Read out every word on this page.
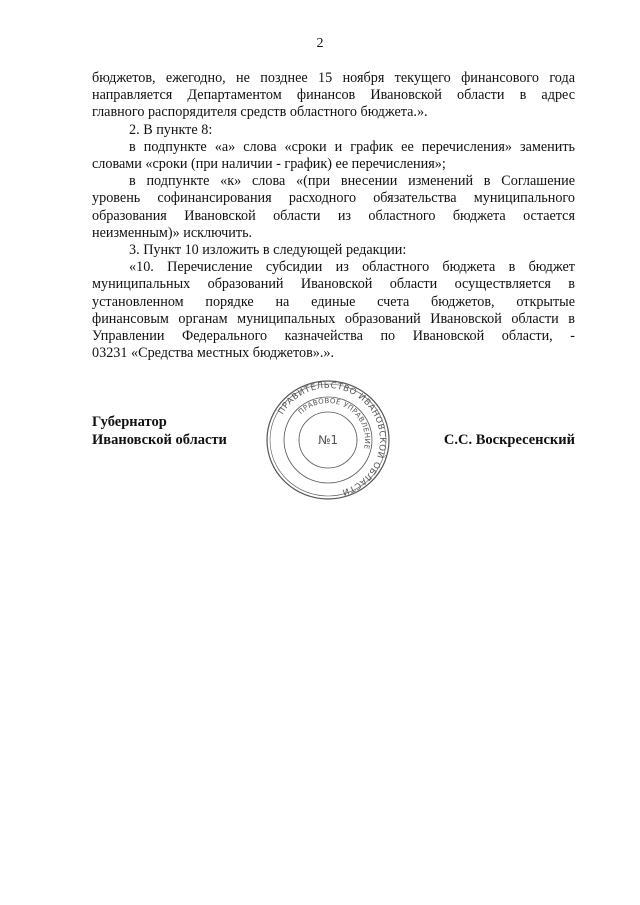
2
бюджетов, ежегодно, не позднее 15 ноября текущего финансового года
направляется Департаментом финансов Ивановской области в адрес
главного распорядителя средств областного бюджета.».
2. В пункте 8:
в подпункте «а» слова «сроки и график ее перечисления» заменить
словами «сроки (при наличии - график) ее перечисления»;
в подпункте «к» слова «(при внесении изменений в Соглашение
уровень софинансирования расходного обязательства муниципального
образования Ивановской области из областного бюджета остается
неизменным)» исключить.
3. Пункт 10 изложить в следующей редакции:
«10. Перечисление субсидии из областного бюджета в бюджет
муниципальных образований Ивановской области осуществляется в
установленном порядке на единые счета бюджетов, открытые
финансовым органам муниципальных образований Ивановской области в
Управлении Федерального казначейства по Ивановской области, -
03231 «Средства местных бюджетов».».
Губернатор
Ивановской области
ПРАВИТЕЛЬСТВО ИВАНОВСКОЙ ОБЛАСТИ
ПРАВОВОЕ УПРАВЛЕНИЕ
№1	С.С. Воскресенский
